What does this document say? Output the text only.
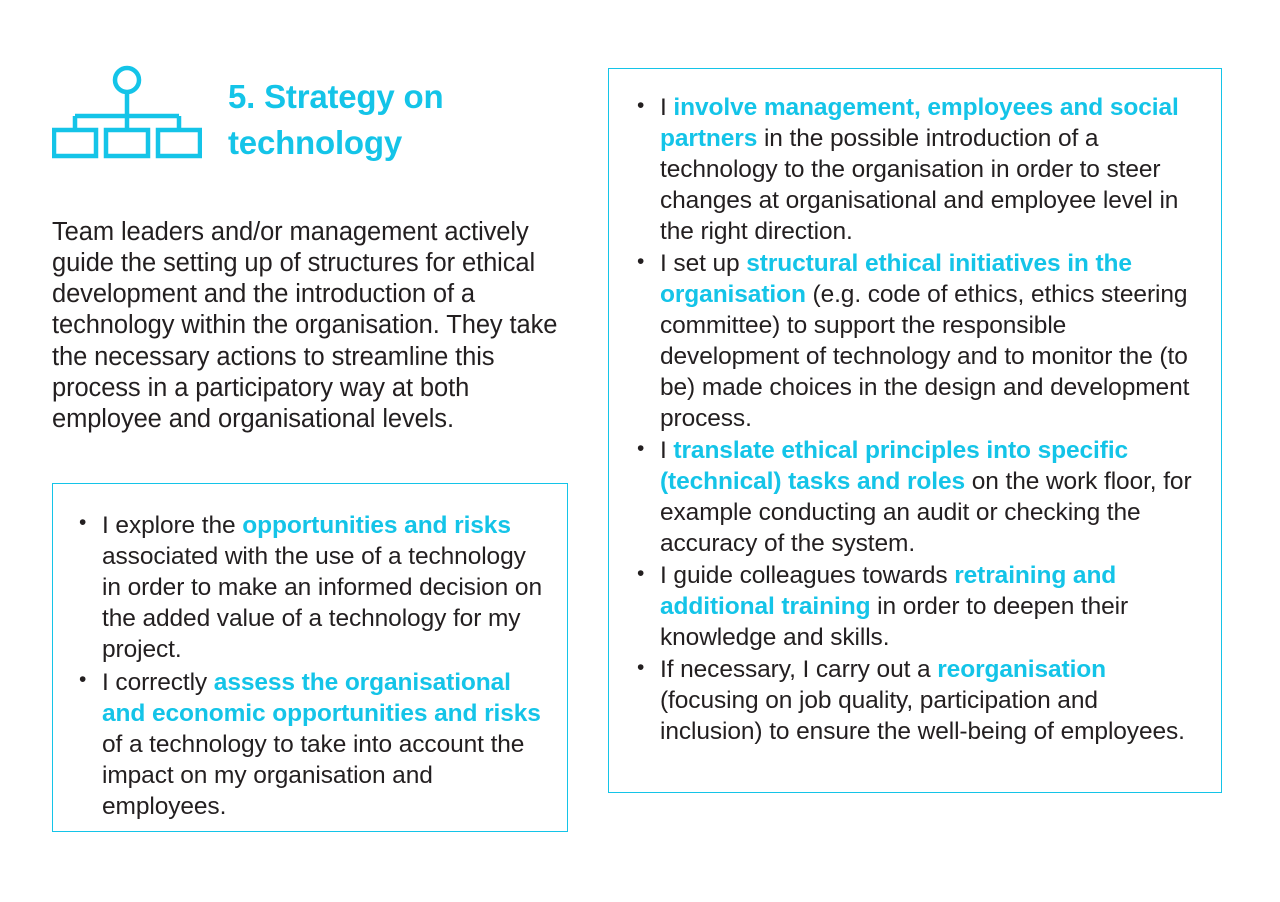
5. Strategy on technology
Team leaders and/or management actively guide the setting up of structures for ethical development and the introduction of a technology within the organisation. They take the necessary actions to streamline this process in a participatory way at both employee and organisational levels.
• I explore the opportunities and risks associated with the use of a technology in order to make an informed decision on the added value of a technology for my project.
• I correctly assess the organisational and economic opportunities and risks of a technology to take into account the impact on my organisation and employees.
• I involve management, employees and social partners in the possible introduction of a technology to the organisation in order to steer changes at organisational and employee level in the right direction.
• I set up structural ethical initiatives in the organisation (e.g. code of ethics, ethics steering committee) to support the responsible development of technology and to monitor the (to be) made choices in the design and development process.
• I translate ethical principles into specific (technical) tasks and roles on the work floor, for example conducting an audit or checking the accuracy of the system.
• I guide colleagues towards retraining and additional training in order to deepen their knowledge and skills.
• If necessary, I carry out a reorganisation (focusing on job quality, participation and inclusion) to ensure the well-being of employees.
